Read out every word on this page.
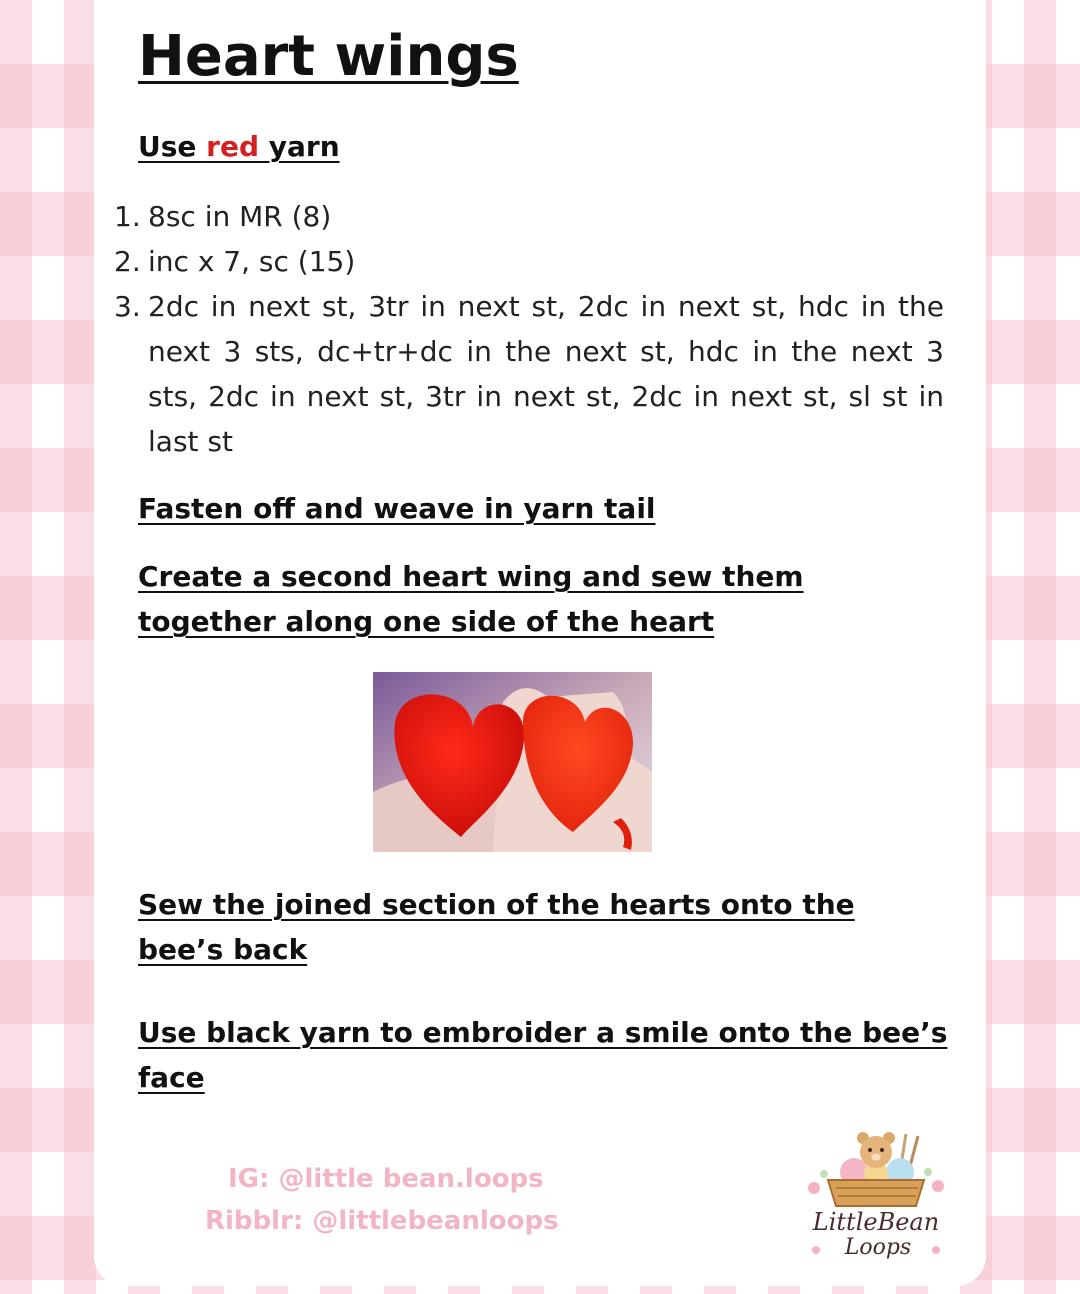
Heart wings

Use red yarn

1. 8sc in MR (8)
2. inc x 7, sc (15)
3. 2dc in next st, 3tr in next st, 2dc in next st, hdc in the next 3 sts, dc+tr+dc in the next st, hdc in the next 3 sts, 2dc in next st, 3tr in next st, 2dc in next st, sl st in last st

Fasten off and weave in yarn tail

Create a second heart wing and sew them together along one side of the heart

Sew the joined section of the hearts onto the bee’s back

Use black yarn to embroider a smile onto the bee’s face

IG: @little bean.loops

Ribblr: @littlebeanloops	LittleBean
Loops
